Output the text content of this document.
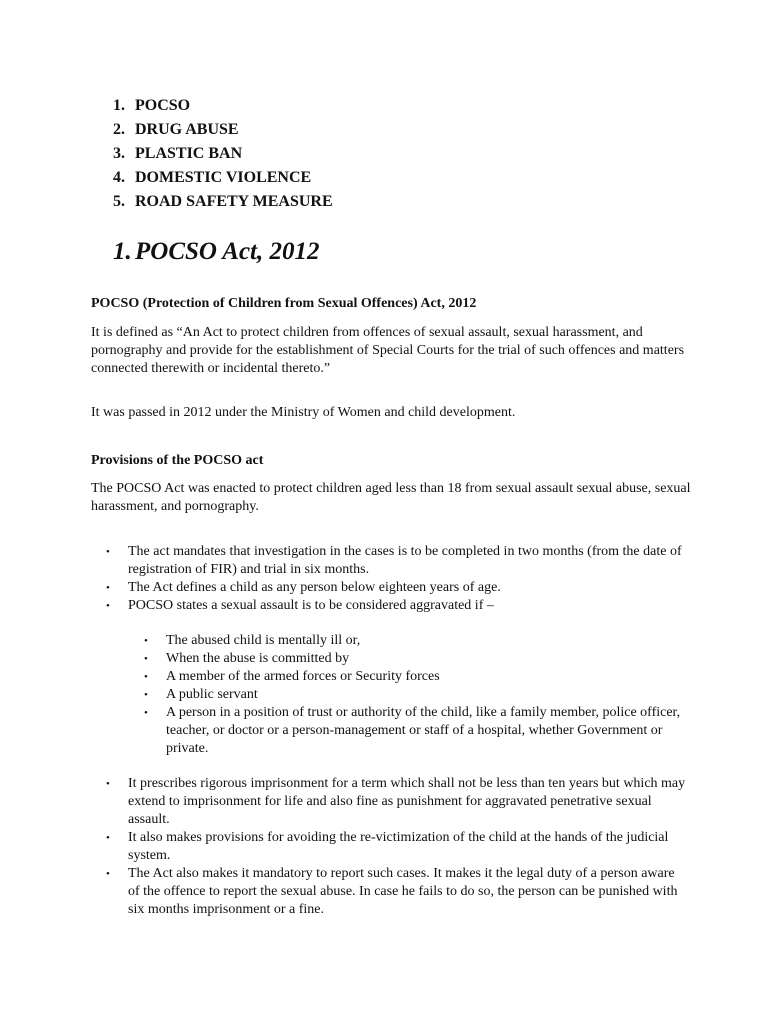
1. POCSO
2. DRUG ABUSE
3. PLASTIC BAN
4. DOMESTIC VIOLENCE
5. ROAD SAFETY MEASURE
1. POCSO Act, 2012

POCSO (Protection of Children from Sexual Offences) Act, 2012

It is defined as “An Act to protect children from offences of sexual assault, sexual harassment, and pornography and provide for the establishment of Special Courts for the trial of such offences and matters connected therewith or incidental thereto.”

It was passed in 2012 under the Ministry of Women and child development.

Provisions of the POCSO act

The POCSO Act was enacted to protect children aged less than 18 from sexual assault sexual abuse, sexual harassment, and pornography.

• The act mandates that investigation in the cases is to be completed in two months (from the date of registration of FIR) and trial in six months.
• The Act defines a child as any person below eighteen years of age.
• POCSO states a sexual assault is to be considered aggravated if –
• The abused child is mentally ill or,
• When the abuse is committed by
• A member of the armed forces or Security forces
• A public servant
• A person in a position of trust or authority of the child, like a family member, police officer, teacher, or doctor or a person-management or staff of a hospital, whether Government or private.
• It prescribes rigorous imprisonment for a term which shall not be less than ten years but which may extend to imprisonment for life and also fine as punishment for aggravated penetrative sexual assault.
• It also makes provisions for avoiding the re-victimization of the child at the hands of the judicial system.
• The Act also makes it mandatory to report such cases. It makes it the legal duty of a person aware of the offence to report the sexual abuse. In case he fails to do so, the person can be punished with six months imprisonment or a fine.
